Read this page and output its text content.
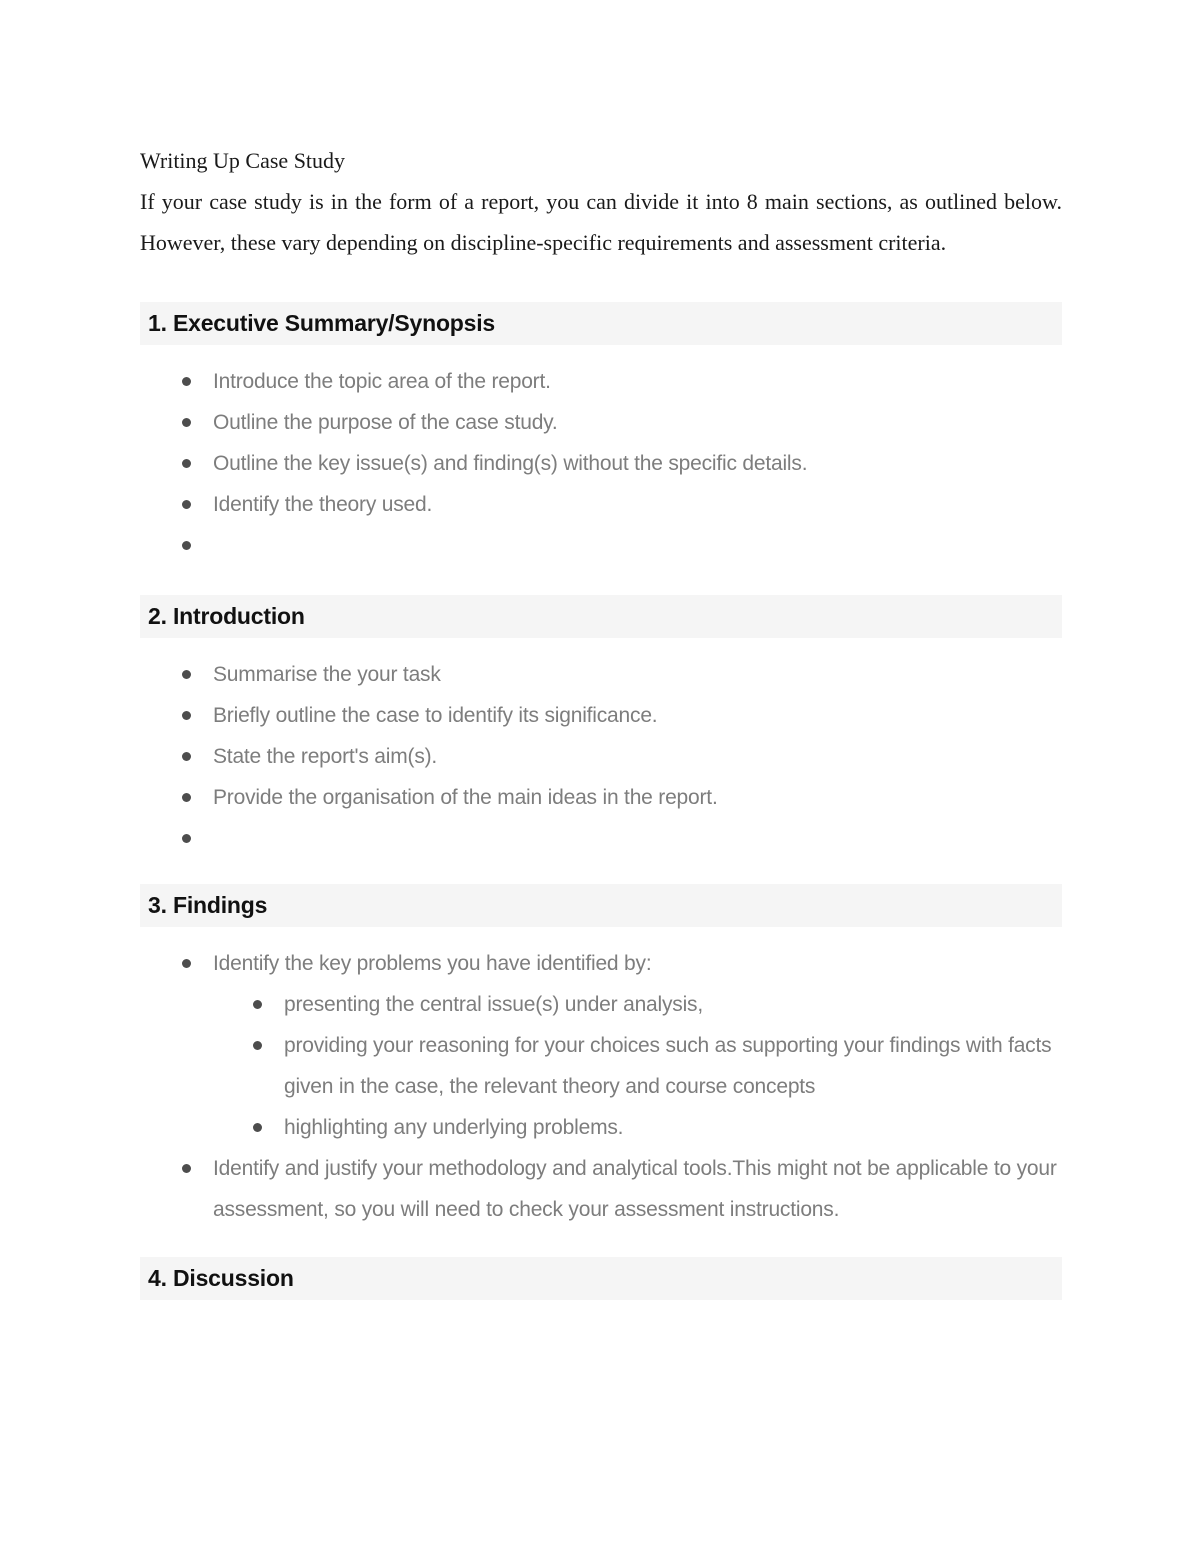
Writing Up Case Study

If your case study is in the form of a report, you can divide it into 8 main sections, as outlined below. However, these vary depending on discipline-specific requirements and assessment criteria.

1. Executive Summary/Synopsis
Introduce the topic area of the report.
Outline the purpose of the case study.
Outline the key issue(s) and finding(s) without the specific details.
Identify the theory used.
2. Introduction
Summarise the your task
Briefly outline the case to identify its significance.
State the report's aim(s).
Provide the organisation of the main ideas in the report.
3. Findings
Identify the key problems you have identified by:
presenting the central issue(s) under analysis,
providing your reasoning for your choices such as supporting your findings with facts given in the case, the relevant theory and course concepts
highlighting any underlying problems.
Identify and justify your methodology and analytical tools.This might not be applicable to your assessment, so you will need to check your assessment instructions.
4. Discussion
